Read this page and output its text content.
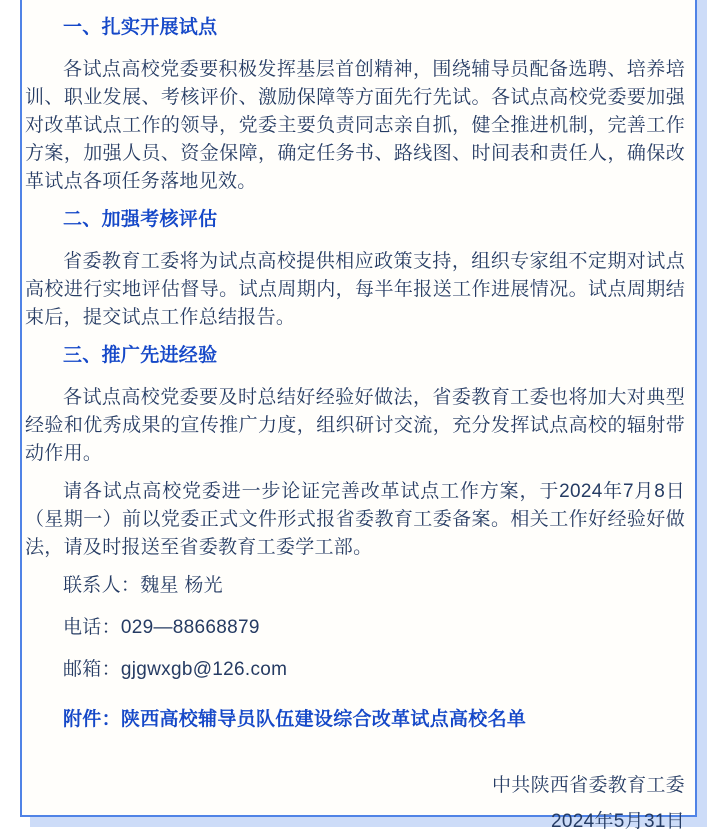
一、扎实开展试点

各试点高校党委要积极发挥基层首创精神，围绕辅导员配备选聘、培养培训、职业发展、考核评价、激励保障等方面先行先试。各试点高校党委要加强对改革试点工作的领导，党委主要负责同志亲自抓，健全推进机制，完善工作方案，加强人员、资金保障，确定任务书、路线图、时间表和责任人，确保改革试点各项任务落地见效。

二、加强考核评估

省委教育工委将为试点高校提供相应政策支持，组织专家组不定期对试点高校进行实地评估督导。试点周期内，每半年报送工作进展情况。试点周期结束后，提交试点工作总结报告。

三、推广先进经验

各试点高校党委要及时总结好经验好做法，省委教育工委也将加大对典型经验和优秀成果的宣传推广力度，组织研讨交流，充分发挥试点高校的辐射带动作用。

请各试点高校党委进一步论证完善改革试点工作方案，于2024年7月8日（星期一）前以党委正式文件形式报省委教育工委备案。相关工作好经验好做法，请及时报送至省委教育工委学工部。

联系人：魏星 杨光

电话：029—88668879

邮箱：gjgwxgb@126.com

附件：陕西高校辅导员队伍建设综合改革试点高校名单

中共陕西省委教育工委
2024年5月31日
